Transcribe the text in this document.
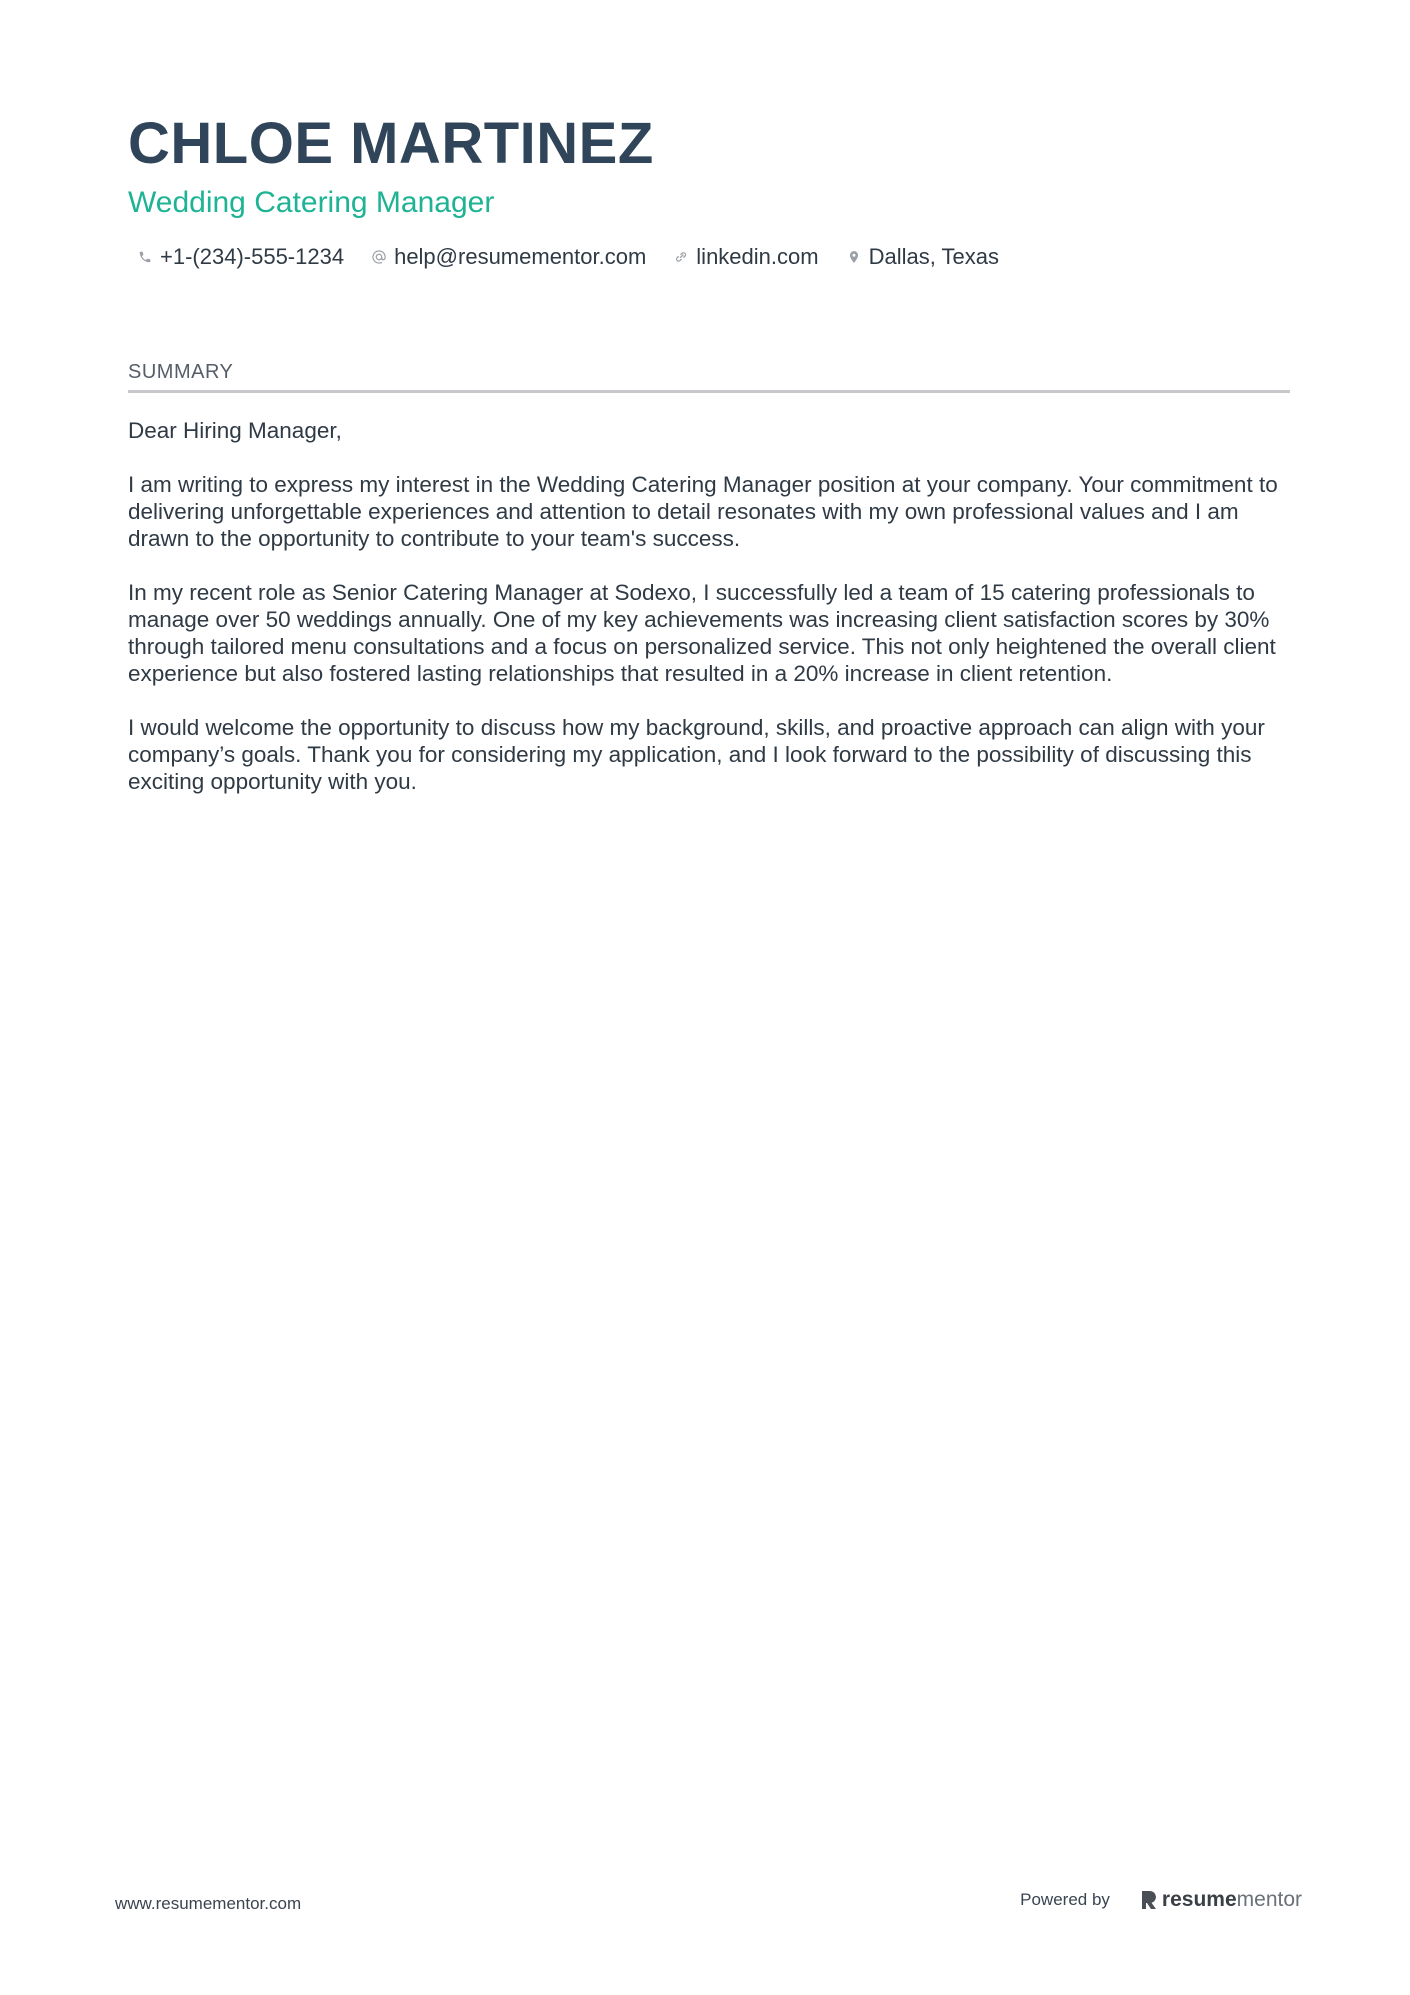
CHLOE MARTINEZ
Wedding Catering Manager
+1-(234)-555-1234 help@resumementor.com linkedin.com Dallas, Texas
SUMMARY

Dear Hiring Manager,

I am writing to express my interest in the Wedding Catering Manager position at your company. Your commitment to delivering unforgettable experiences and attention to detail resonates with my own professional values and I am drawn to the opportunity to contribute to your team's success.

In my recent role as Senior Catering Manager at Sodexo, I successfully led a team of 15 catering professionals to manage over 50 weddings annually. One of my key achievements was increasing client satisfaction scores by 30% through tailored menu consultations and a focus on personalized service. This not only heightened the overall client experience but also fostered lasting relationships that resulted in a 20% increase in client retention.

I would welcome the opportunity to discuss how my background, skills, and proactive approach can align with your company’s goals. Thank you for considering my application, and I look forward to the possibility of discussing this exciting opportunity with you.

www.resumementor.com	Powered by resume mentor
